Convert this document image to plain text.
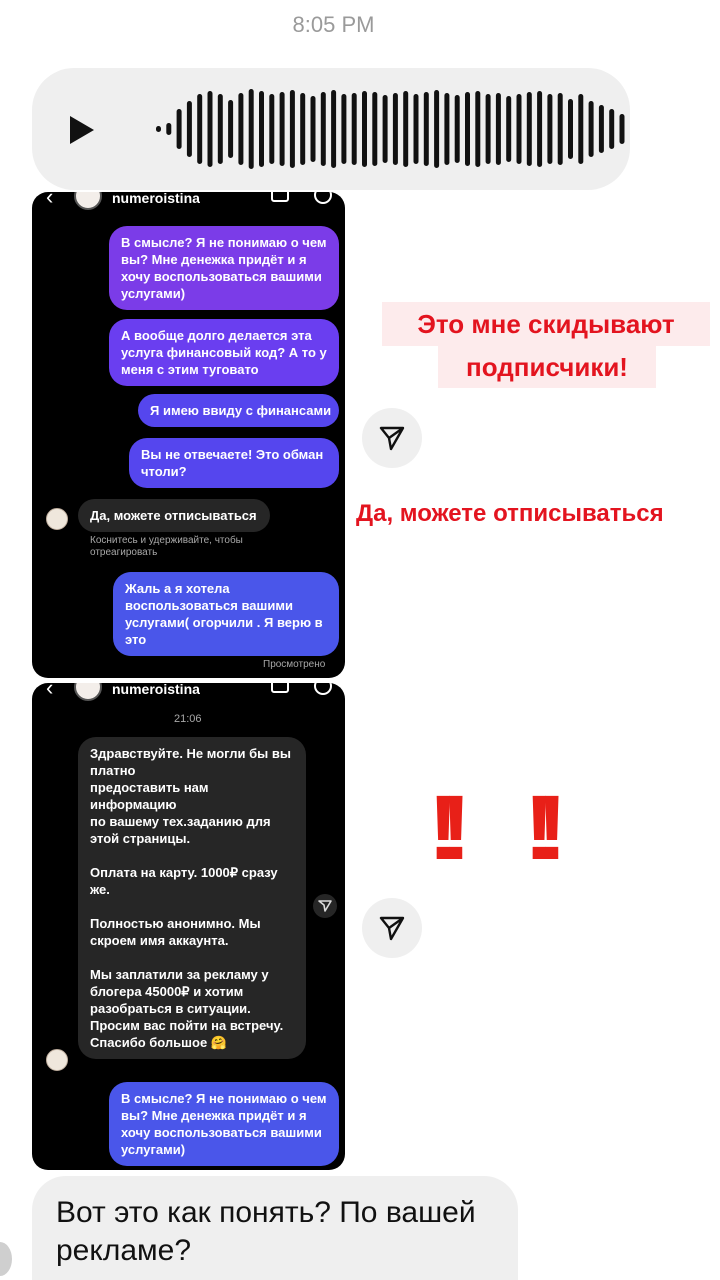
8:05 PM
‹	numeroistina
В смысле? Я не понимаю о чем вы? Мне денежка придёт и я хочу воспользоваться вашими услугами)
А вообще долго делается эта услуга финансовый код? А то у меня с этим туговато
Я имею ввиду с финансами
Вы не отвечаете! Это обман чтоли?
Да, можете отписываться
Коснитесь и удерживайте, чтобы отреагировать
Жаль а я хотела воспользоваться вашими услугами( огорчили . Я верю в это
Просмотрено
‹	numeroistina
21:06
Здравствуйте. Не могли бы вы платно
предоставить нам информацию
по вашему тех.заданию для этой страницы.

Оплата на карту. 1000₽ сразу же.

Полностью анонимно. Мы скроем имя аккаунта.

Мы заплатили за рекламу у блогера 45000₽ и хотим разобраться в ситуации.
Просим вас пойти на встречу.
Спасибо большое 🤗
В смысле? Я не понимаю о чем вы? Мне денежка придёт и я хочу воспользоваться вашими услугами)
Это мне скидывают
подписчики!
Да, можете отписываться
!! !!
Вот это как понять? По вашей рекламе?
